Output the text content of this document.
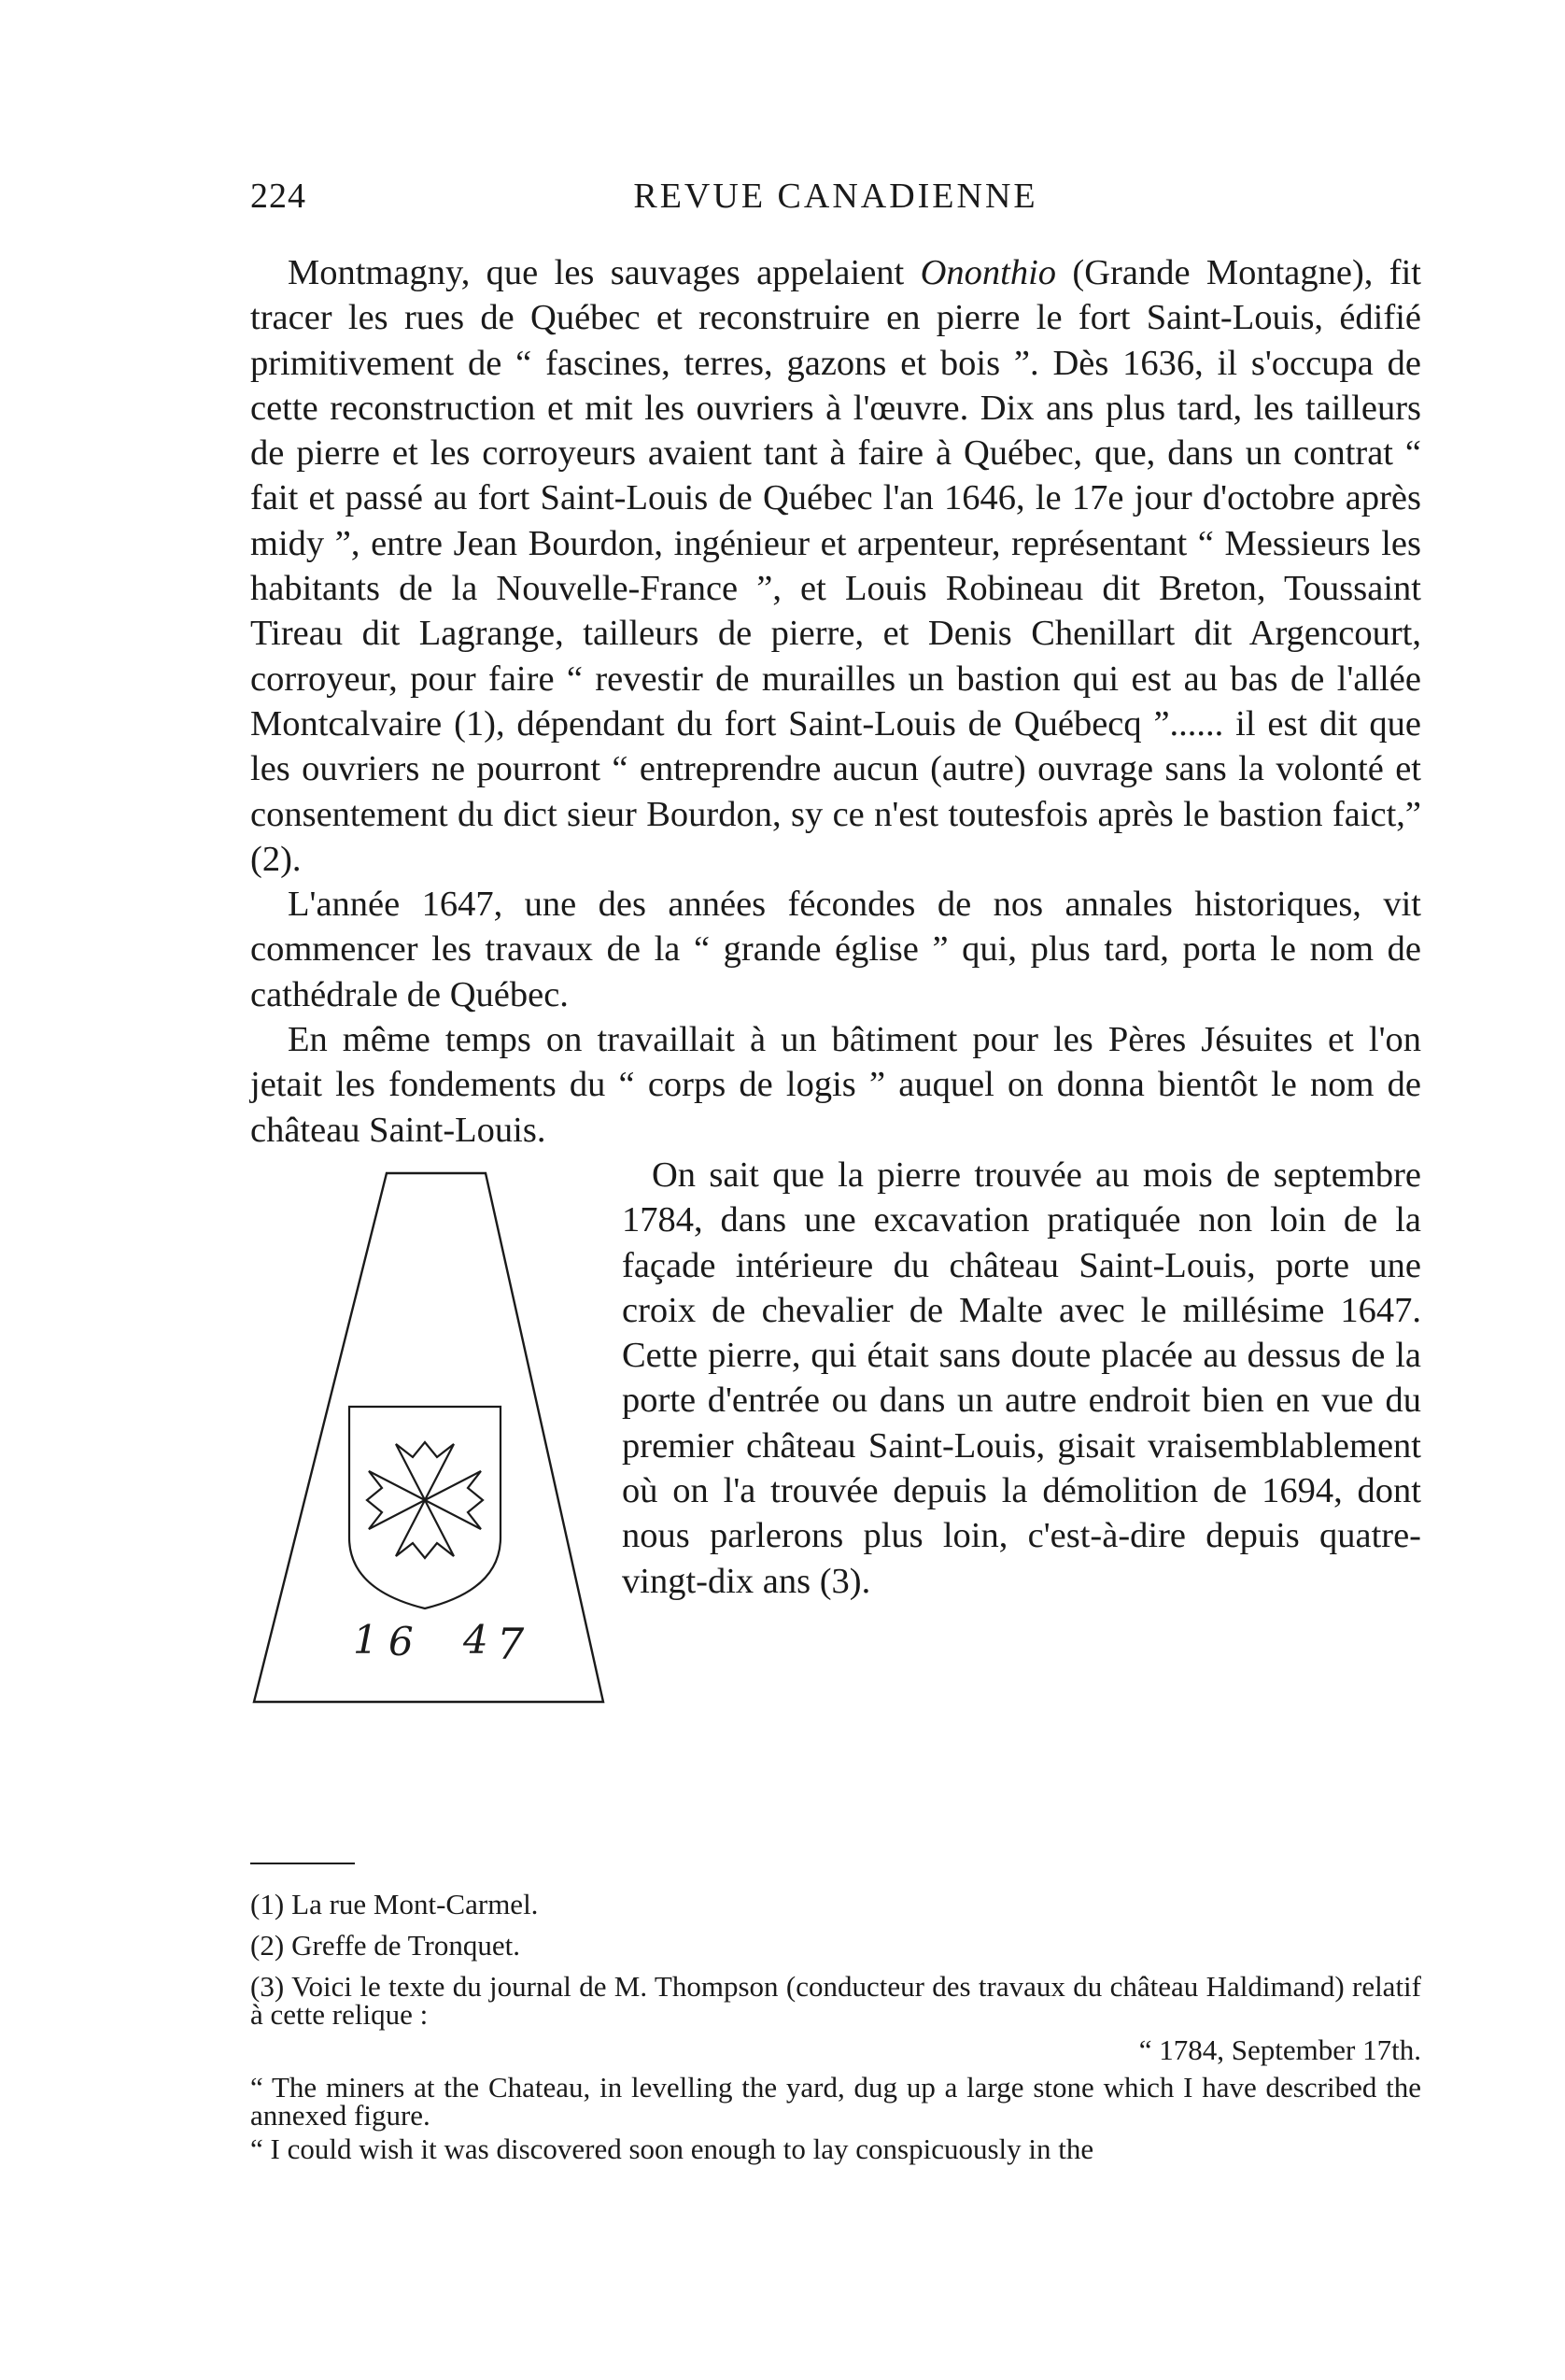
224	REVUE CANADIENNE

Montmagny, que les sauvages appelaient Ononthio (Grande Montagne), fit tracer les rues de Québec et reconstruire en pierre le fort Saint-Louis, édifié primitivement de “ fascines, terres, gazons et bois ”. Dès 1636, il s'occupa de cette reconstruction et mit les ouvriers à l'œuvre. Dix ans plus tard, les tailleurs de pierre et les corroyeurs avaient tant à faire à Québec, que, dans un contrat “ fait et passé au fort Saint-Louis de Québec l'an 1646, le 17e jour d'octobre après midy ”, entre Jean Bourdon, ingénieur et arpenteur, représentant “ Messieurs les habitants de la Nouvelle-France ”, et Louis Robineau dit Breton, Toussaint Tireau dit Lagrange, tailleurs de pierre, et Denis Chenillart dit Argencourt, corroyeur, pour faire “ revestir de murailles un bastion qui est au bas de l'allée Montcalvaire (1), dépendant du fort Saint-Louis de Québecq ”...... il est dit que les ouvriers ne pourront “ entreprendre aucun (autre) ouvrage sans la volonté et consentement du dict sieur Bourdon, sy ce n'est toutesfois après le bastion faict,” (2).

L'année 1647, une des années fécondes de nos annales historiques, vit commencer les travaux de la “ grande église ” qui, plus tard, porta le nom de cathédrale de Québec.

En même temps on travaillait à un bâtiment pour les Pères Jésuites et l'on jetait les fondements du “ corps de logis ” auquel on donna bientôt le nom de château Saint-Louis.

1 6 4 7

On sait que la pierre trouvée au mois de septembre 1784, dans une excavation pratiquée non loin de la façade intérieure du château Saint-Louis, porte une croix de chevalier de Malte avec le millésime 1647. Cette pierre, qui était sans doute placée au dessus de la porte d'entrée ou dans un autre endroit bien en vue du premier château Saint-Louis, gisait vraisemblablement où on l'a trouvée depuis la démolition de 1694, dont nous parlerons plus loin, c'est-à-dire depuis quatre-vingt-dix ans (3).

(1) La rue Mont-Carmel.

(2) Greffe de Tronquet.

(3) Voici le texte du journal de M. Thompson (conducteur des travaux du château Haldimand) relatif à cette relique :

“ 1784, September 17th.

“ The miners at the Chateau, in levelling the yard, dug up a large stone which I have described the annexed figure.

“ I could wish it was discovered soon enough to lay conspicuously in the
